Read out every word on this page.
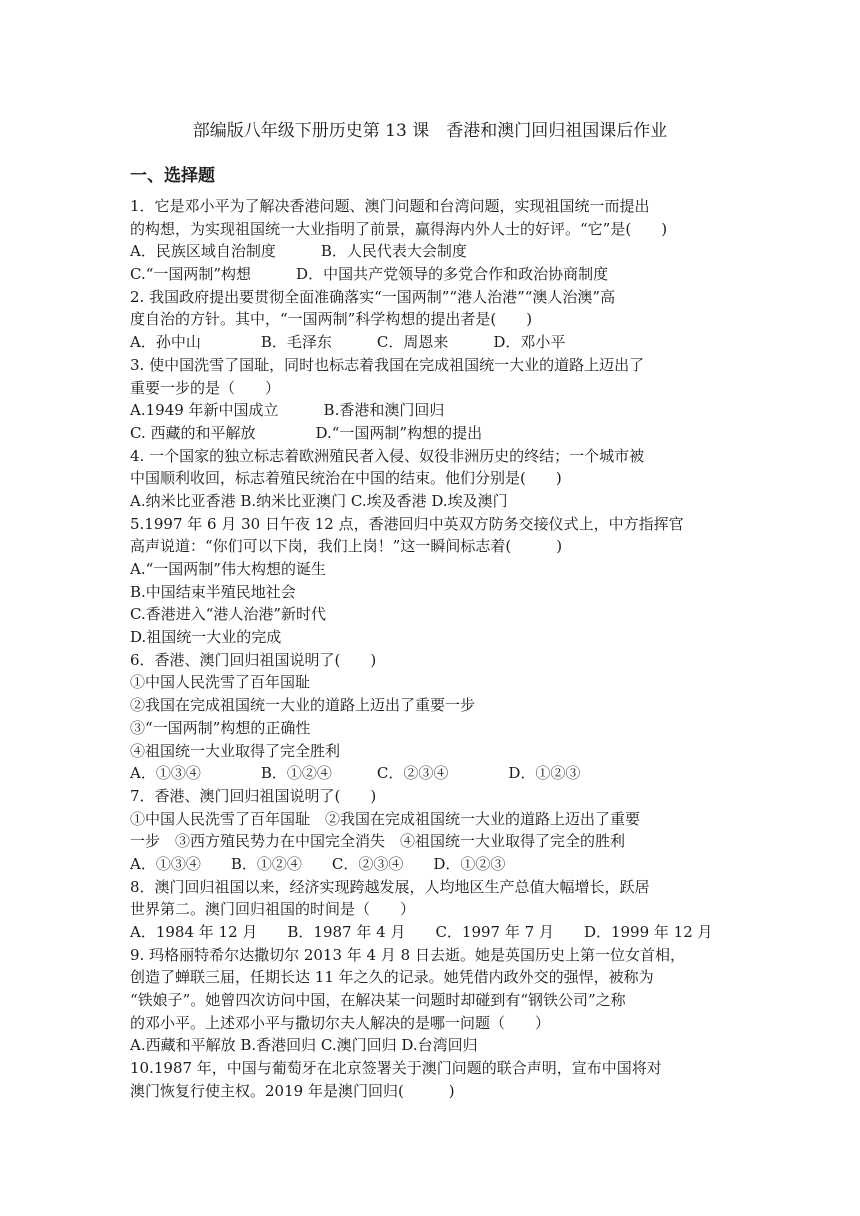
部编版八年级下册历史第 13 课　香港和澳门回归祖国课后作业
一、选择题
1．它是邓小平为了解决香港问题、澳门问题和台湾问题，实现祖国统一而提出
的构想，为实现祖国统一大业指明了前景，赢得海内外人士的好评。“它”是(　　)
A．民族区域自治制度　　　B．人民代表大会制度
C.“一国两制”构想　　　D．中国共产党领导的多党合作和政治协商制度
2. 我国政府提出要贯彻全面准确落实“一国两制”“港人治港”“澳人治澳”高
度自治的方针。其中，“一国两制”科学构想的提出者是(　　)
A．孙中山　　　　B．毛泽东　　　C．周恩来　　　D．邓小平
3. 使中国洗雪了国耻，同时也标志着我国在完成祖国统一大业的道路上迈出了
重要一步的是（　　）
A.1949 年新中国成立　　　B.香港和澳门回归
C. 西藏的和平解放　　　　D.“一国两制”构想的提出
4. 一个国家的独立标志着欧洲殖民者入侵、奴役非洲历史的终结；一个城市被
中国顺利收回，标志着殖民统治在中国的结束。他们分别是(　　)
A.纳米比亚香港 B.纳米比亚澳门 C.埃及香港 D.埃及澳门
5.1997 年 6 月 30 日午夜 12 点，香港回归中英双方防务交接仪式上，中方指挥官
高声说道：“你们可以下岗，我们上岗！”这一瞬间标志着(　　　)
A.“一国两制”伟大构想的诞生
B.中国结束半殖民地社会
C.香港进入“港人治港”新时代
D.祖国统一大业的完成
6．香港、澳门回归祖国说明了(　　)
①中国人民洗雪了百年国耻
②我国在完成祖国统一大业的道路上迈出了重要一步
③“一国两制”构想的正确性
④祖国统一大业取得了完全胜利
A．①③④　　　　B．①②④　　　C．②③④　　　　D．①②③
7．香港、澳门回归祖国说明了(　　)
①中国人民洗雪了百年国耻　②我国在完成祖国统一大业的道路上迈出了重要
一步　③西方殖民势力在中国完全消失　④祖国统一大业取得了完全的胜利
A．①③④　　B．①②④　　C．②③④　　D．①②③
8．澳门回归祖国以来，经济实现跨越发展，人均地区生产总值大幅增长，跃居
世界第二。澳门回归祖国的时间是（　　）
A．1984 年 12 月　　B．1987 年 4 月　　C．1997 年 7 月　　D．1999 年 12 月
9. 玛格丽特希尔达撒切尔 2013 年 4 月 8 日去逝。她是英国历史上第一位女首相，
创造了蝉联三届，任期长达 11 年之久的记录。她凭借内政外交的强悍，被称为
“铁娘子”。她曾四次访问中国，在解决某一问题时却碰到有“钢铁公司”之称
的邓小平。上述邓小平与撒切尔夫人解决的是哪一问题（　　）
A.西藏和平解放 B.香港回归 C.澳门回归 D.台湾回归
10.1987 年，中国与葡萄牙在北京签署关于澳门问题的联合声明，宣布中国将对
澳门恢复行使主权。2019 年是澳门回归(　　　)
